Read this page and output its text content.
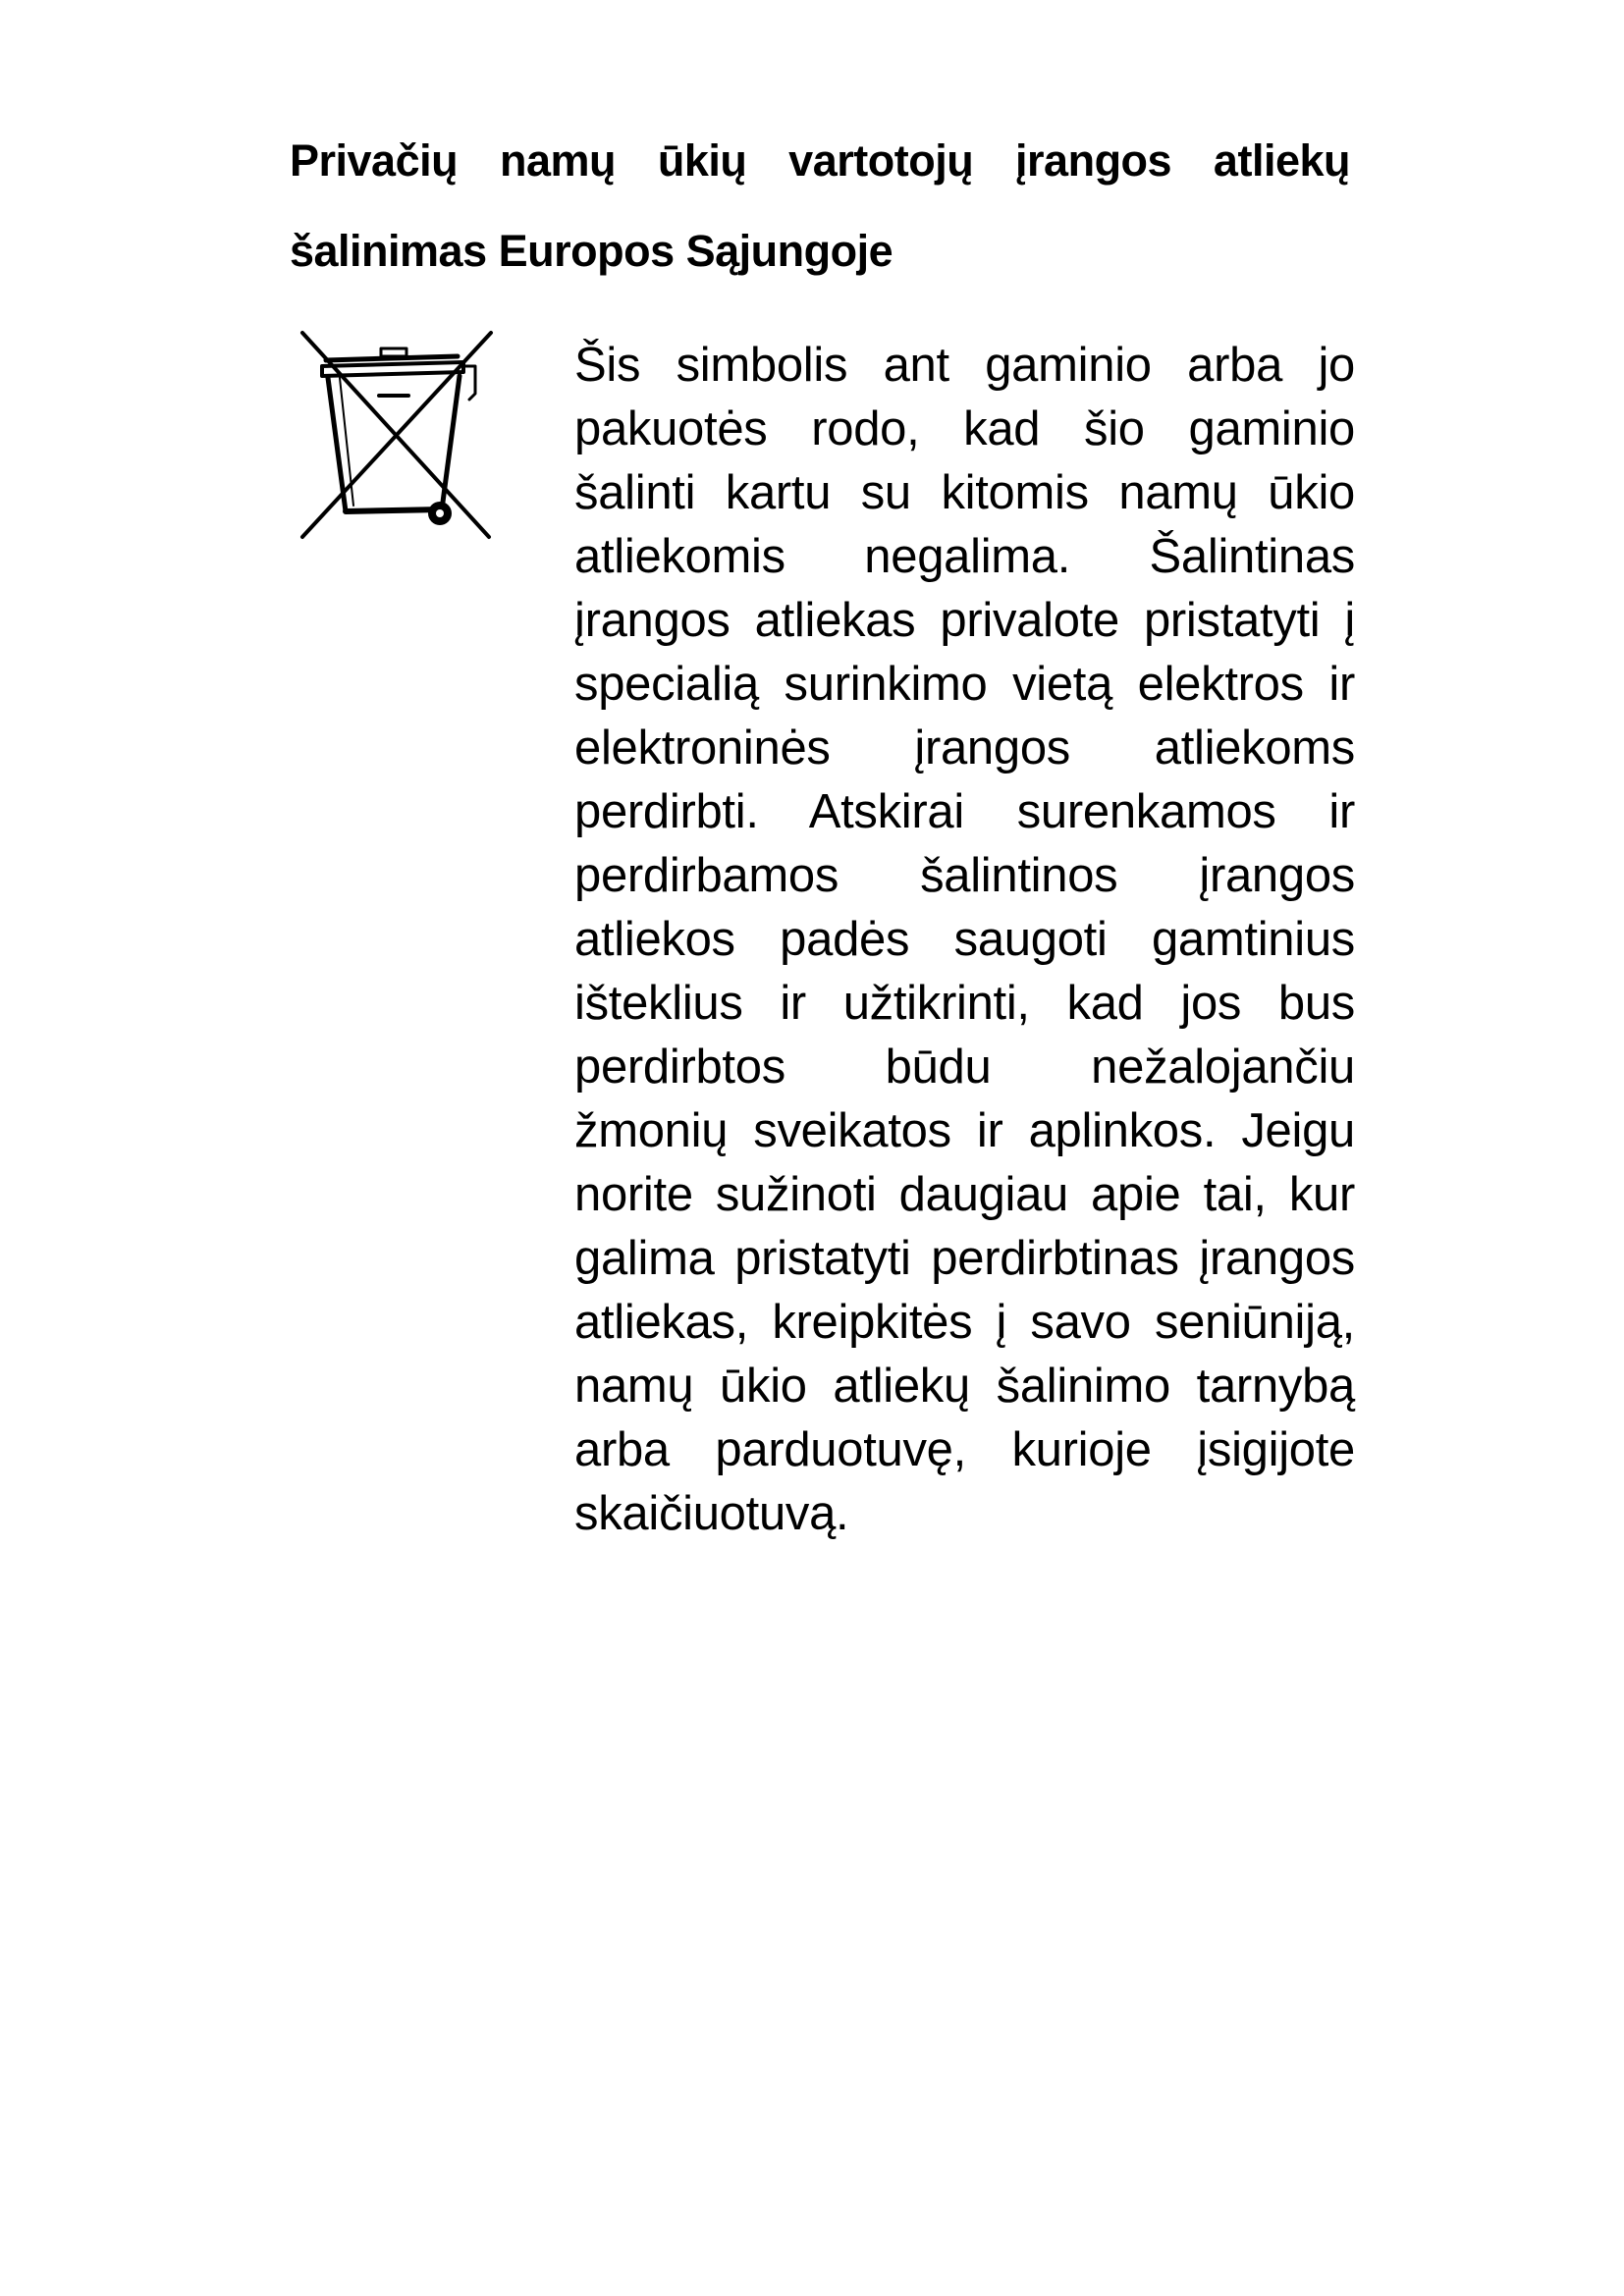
Privačių namų ūkių vartotojų įrangos atliekų
šalinimas Europos Sąjungoje

Šis simbolis ant gaminio arba jo
pakuotės rodo, kad šio gaminio
šalinti kartu su kitomis namų ūkio
atliekomis negalima. Šalintinas
įrangos atliekas privalote pristatyti į
specialią surinkimo vietą elektros ir
elektroninės įrangos atliekoms
perdirbti. Atskirai surenkamos ir
perdirbamos šalintinos įrangos
atliekos padės saugoti gamtinius
išteklius ir užtikrinti, kad jos bus
perdirbtos būdu nežalojančiu
žmonių sveikatos ir aplinkos. Jeigu
norite sužinoti daugiau apie tai, kur
galima pristatyti perdirbtinas įrangos
atliekas, kreipkitės į savo seniūniją,
namų ūkio atliekų šalinimo tarnybą
arba parduotuvę, kurioje įsigijote
skaičiuotuvą.
